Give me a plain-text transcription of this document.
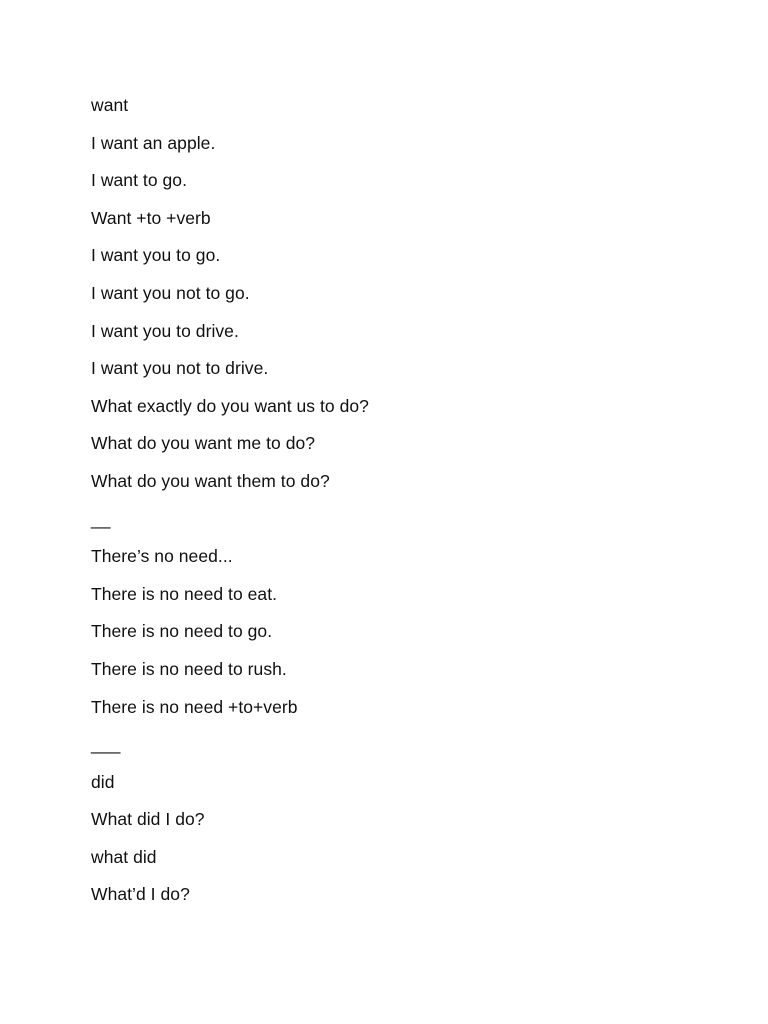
want
I want an apple.
I want to go.
Want +to +verb
I want you to go.
I want you not to go.
I want you to drive.
I want you not to drive.
What exactly do you want us to do?
What do you want me to do?
What do you want them to do?
__
There’s no need...
There is no need to eat.
There is no need to go.
There is no need to rush.
There is no need +to+verb
___
did
What did I do?
what did
What’d I do?
